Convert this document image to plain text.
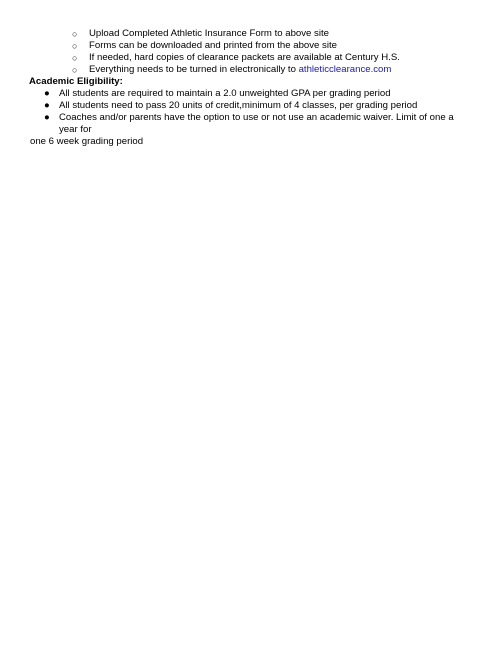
○ Upload Completed Athletic Insurance Form to above site
○ Forms can be downloaded and printed from the above site
○ If needed, hard copies of clearance packets are available at Century H.S.
○ Everything needs to be turned in electronically to athleticclearance.com
Academic Eligibility:
● All students are required to maintain a 2.0 unweighted GPA per grading period
● All students need to pass 20 units of credit,minimum of 4 classes, per grading period
● Coaches and/or parents have the option to use or not use an academic waiver. Limit of one a year for
one 6 week grading period
